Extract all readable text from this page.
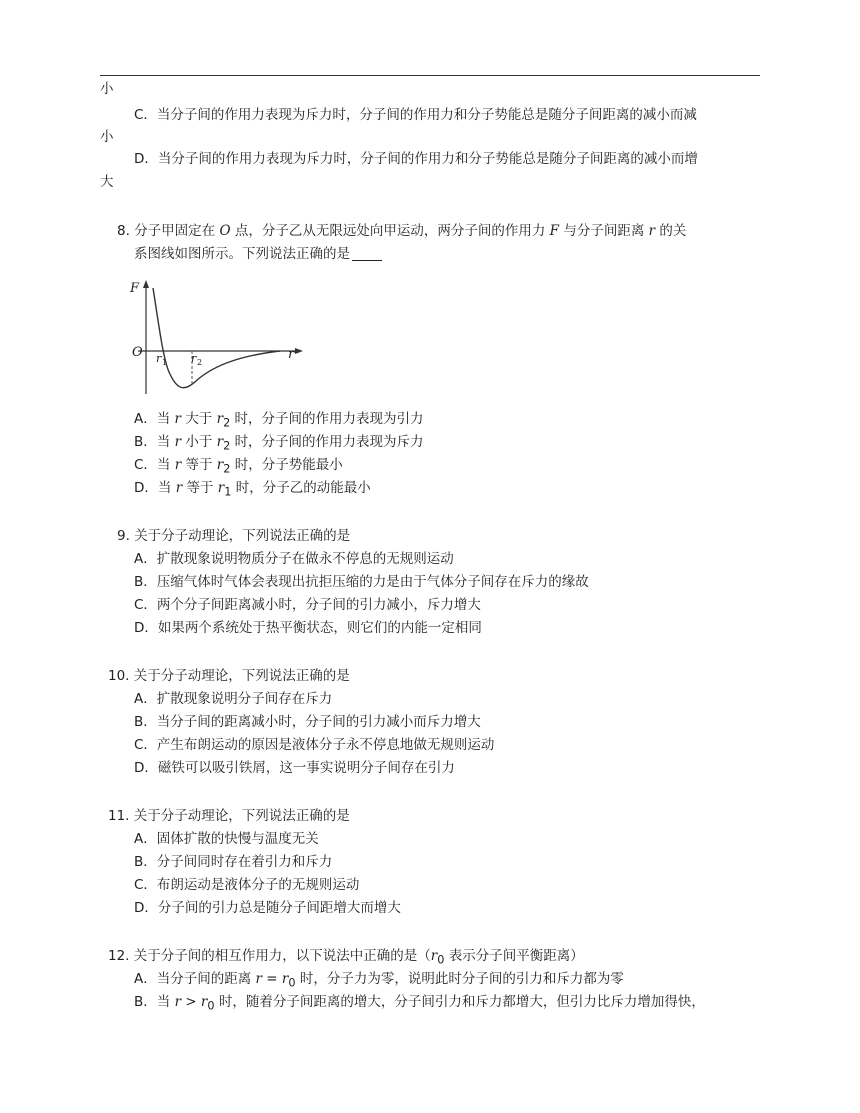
小
C．当分子间的作用力表现为斥力时，分子间的作用力和分子势能总是随分子间距离的减小而减
小
D．当分子间的作用力表现为斥力时，分子间的作用力和分子势能总是随分子间距离的减小而增
大
8. 分子甲固定在 O 点，分子乙从无限远处向甲运动，两分子间的作用力 F 与分子间距离 r 的关
系图线如图所示。下列说法正确的是
F
O	r
r 1 r 2
A．当 r 大于 $r_2$ 时，分子间的作用力表现为引力
B．当 r 小于 $r_2$ 时，分子间的作用力表现为斥力
C．当 r 等于 $r_2$ 时，分子势能最小
D．当 r 等于 $r_1$ 时，分子乙的动能最小
9. 关于分子动理论，下列说法正确的是
A．扩散现象说明物质分子在做永不停息的无规则运动
B．压缩气体时气体会表现出抗拒压缩的力是由于气体分子间存在斥力的缘故
C．两个分子间距离减小时，分子间的引力减小，斥力增大
D．如果两个系统处于热平衡状态，则它们的内能一定相同
10. 关于分子动理论，下列说法正确的是
A．扩散现象说明分子间存在斥力
B．当分子间的距离减小时，分子间的引力减小而斥力增大
C．产生布朗运动的原因是液体分子永不停息地做无规则运动
D．磁铁可以吸引铁屑，这一事实说明分子间存在引力
11. 关于分子动理论，下列说法正确的是
A．固体扩散的快慢与温度无关
B．分子间同时存在着引力和斥力
C．布朗运动是液体分子的无规则运动
D．分子间的引力总是随分子间距增大而增大
12. 关于分子间的相互作用力，以下说法中正确的是（$r_0$ 表示分子间平衡距离）
A．当分子间的距离 $r = r_0$ 时，分子力为零，说明此时分子间的引力和斥力都为零
B．当 $r > r_0$ 时，随着分子间距离的增大，分子间引力和斥力都增大，但引力比斥力增加得快，
